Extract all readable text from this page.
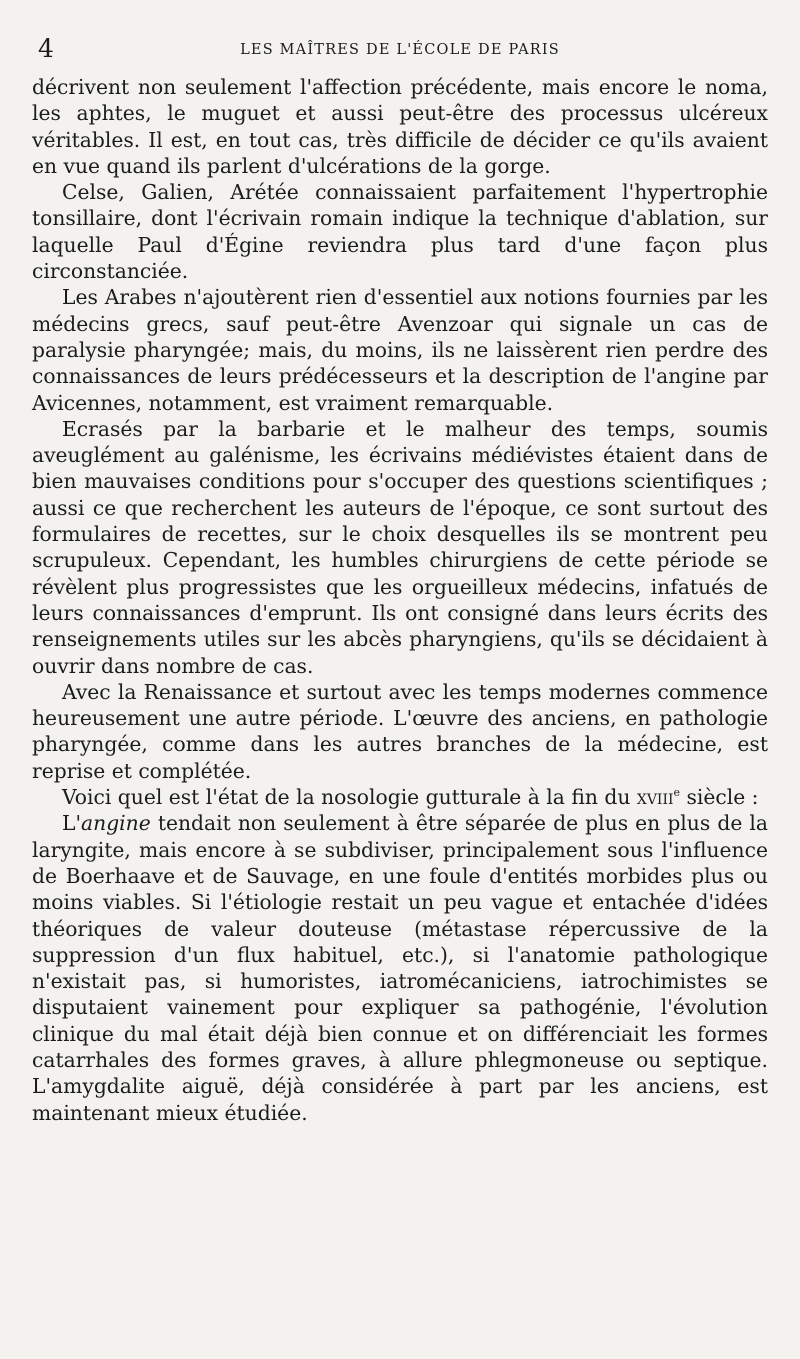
4	LES MAÎTRES DE L'ÉCOLE DE PARIS

décrivent non seulement l'affection précédente, mais encore le noma, les aphtes, le muguet et aussi peut-être des processus ulcéreux véritables. Il est, en tout cas, très difficile de décider ce qu'ils avaient en vue quand ils parlent d'ulcérations de la gorge.

Celse, Galien, Arétée connaissaient parfaitement l'hypertrophie tonsillaire, dont l'écrivain romain indique la technique d'ablation, sur laquelle Paul d'Égine reviendra plus tard d'une façon plus circonstanciée.

Les Arabes n'ajoutèrent rien d'essentiel aux notions fournies par les médecins grecs, sauf peut-être Avenzoar qui signale un cas de paralysie pharyngée; mais, du moins, ils ne laissèrent rien perdre des connaissances de leurs prédécesseurs et la description de l'angine par Avicennes, notamment, est vraiment remarquable.

Ecrasés par la barbarie et le malheur des temps, soumis aveuglément au galénisme, les écrivains médiévistes étaient dans de bien mauvaises conditions pour s'occuper des questions scientifiques ; aussi ce que recherchent les auteurs de l'époque, ce sont surtout des formulaires de recettes, sur le choix desquelles ils se montrent peu scrupuleux. Cependant, les humbles chirurgiens de cette période se révèlent plus progressistes que les orgueilleux médecins, infatués de leurs connaissances d'emprunt. Ils ont consigné dans leurs écrits des renseignements utiles sur les abcès pharyngiens, qu'ils se décidaient à ouvrir dans nombre de cas.

Avec la Renaissance et surtout avec les temps modernes commence heureusement une autre période. L'œuvre des anciens, en pathologie pharyngée, comme dans les autres branches de la médecine, est reprise et complétée.

Voici quel est l'état de la nosologie gutturale à la fin du xviii$^e$ siècle :

L'angine tendait non seulement à être séparée de plus en plus de la laryngite, mais encore à se subdiviser, principalement sous l'influence de Boerhaave et de Sauvage, en une foule d'entités morbides plus ou moins viables. Si l'étiologie restait un peu vague et entachée d'idées théoriques de valeur douteuse (métastase répercussive de la suppression d'un flux habituel, etc.), si l'anatomie pathologique n'existait pas, si humoristes, iatromécaniciens, iatrochimistes se disputaient vainement pour expliquer sa pathogénie, l'évolution clinique du mal était déjà bien connue et on différenciait les formes catarrhales des formes graves, à allure phlegmoneuse ou septique. L'amygdalite aiguë, déjà considérée à part par les anciens, est maintenant mieux étudiée.
